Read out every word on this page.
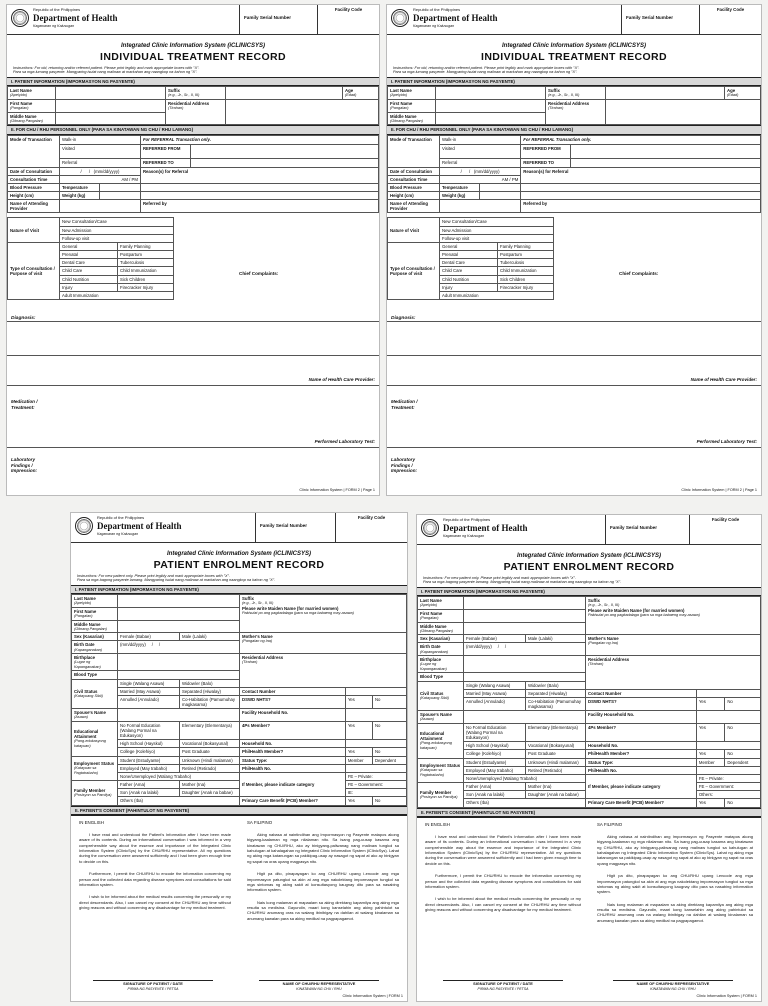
Republic of the Philippines
Department of Health
Kagawaran ng Kalusugan
Family Serial Number
Facility Code
Integrated Clinic Information System (iCLINICSYS)
INDIVIDUAL TREATMENT RECORD
Instructions: For old, returning and/or referred patient. Please print legibly and mark appropriate boxes with "X".
Para sa mga lumang pasyente. Mangyaring isulat nang malinaw at markahan ang naangkop na kahon ng "X".
I. PATIENT INFORMATION (IMPORMASYON NG PASYENTE)
Last Name
(Apelyido)		Suffix
(e.g., Jr., Sr., II, III)		Age
(Edad)

First Name
(Pangalan)		Residential Address
(Tirahan)		

Middle Name
(Gitnang Pangalan)				

II. FOR CHU / RHU PERSONNEL ONLY (PARA SA KINATAWAN NG CHU / RHU LAMANG)
Mode of Transaction	Walk-in		For REFERRAL Transaction only.	
	Visited		REFERRED FROM	
	Referral		REFERRED TO	
Date of Consultation	/      /   (mm/dd/yyyy)		Reason(s) for Referral	
Consultation Time	AM / PM			
Blood Pressure	Temperature			
Height (cm)	Weight (kg)			
Name of Attending Provider			Referred by	
Nature of Visit	New Consultation/Case		
	New Admission		
	Follow-up visit		
Type of Consultation / Purpose of visit	General	Family Planning	
	Prenatal	Postpartum	
	Dental Care	Tuberculosis	
	Child Care	Child Immunization	
	Child Nutrition	Sick Children	
	Injury	Firecracker Injury	
	Adult Immunization		
Chief Complaints:
Diagnosis:
Name of Health Care Provider:
Medication / Treatment:
Performed Laboratory Test:
Laboratory Findings / Impression:
Clinic Information System | FORM 2 | Page 1
Republic of the Philippines
Department of Health
Kagawaran ng Kalusugan
Family Serial Number
Facility Code
Integrated Clinic Information System (iCLINICSYS)
INDIVIDUAL TREATMENT RECORD
Instructions: For old, returning and/or referred patient. Please print legibly and mark appropriate boxes with "X".
Para sa mga lumang pasyente. Mangyaring isulat nang malinaw at markahan ang naangkop na kahon ng "X".
I. PATIENT INFORMATION (IMPORMASYON NG PASYENTE)
Last Name
(Apelyido)		Suffix
(e.g., Jr., Sr., II, III)		Age
(Edad)

First Name
(Pangalan)		Residential Address
(Tirahan)		

Middle Name
(Gitnang Pangalan)				

II. FOR CHU / RHU PERSONNEL ONLY (PARA SA KINATAWAN NG CHU / RHU LAMANG)
Mode of Transaction	Walk-in		For REFERRAL Transaction only.	
	Visited		REFERRED FROM	
	Referral		REFERRED TO	
Date of Consultation	/      /   (mm/dd/yyyy)		Reason(s) for Referral	
Consultation Time	AM / PM			
Blood Pressure	Temperature			
Height (cm)	Weight (kg)			
Name of Attending Provider			Referred by	
Nature of Visit	New Consultation/Case		
	New Admission		
	Follow-up visit		
Type of Consultation / Purpose of visit	General	Family Planning	
	Prenatal	Postpartum	
	Dental Care	Tuberculosis	
	Child Care	Child Immunization	
	Child Nutrition	Sick Children	
	Injury	Firecracker Injury	
	Adult Immunization		
Chief Complaints:
Diagnosis:
Name of Health Care Provider:
Medication / Treatment:
Performed Laboratory Test:
Laboratory Findings / Impression:
Clinic Information System | FORM 2 | Page 1
Republic of the Philippines
Department of Health
Kagawaran ng Kalusugan
Family Serial Number
Facility Code
Integrated Clinic Information System (iCLINICSYS)
PATIENT ENROLMENT RECORD
Instructions: For new patient only. Please print legibly and mark appropriate boxes with "X".
Para sa mga bagong pasyente lamang. Mangyaring isulat nang malinaw at markahan ang naangkop na kahon ng "X".
I. PATIENT INFORMATION (IMPORMASYON NG PASYENTE)
Last Name
(Apelyido)			Suffix
(e.g., Jr., Sr., II, III)
Please write Maiden Name (for married women)
Pakisulat po ang pagkadalaga (para sa mga babaeng may-asawa)		

First Name
(Pangalan)					

Middle Name
(Gitnang Pangalan)					

Sex (Kasarian)	Female (Babae)	Male (Lalaki)	Mother's Name
(Pangalan ng Ina)		

Birth Date
(Kapanganakan)	(mm/dd/yyyy)     /     /				
Birthplace
(Lugar ng Kapanganakan)			Residential Address
(Tirahan)		

Blood Type					
Civil Status
(Katayuang Sibil)	Single (Walang Asawa)	Widow/er (Balo)			
	Married (May Asawa)	Separated (Hiwalay)	Contact Number		
	Annulled (Annulado)	Co-Habitation (Pamumuhay magkasama)	DSWD NHTS?	Yes	No
Spouse's Name
(Asawa)			Facility Household No.		
Educational Attainment
(Pang-edukasyong katayuan)	No Formal Education (Walang Pormal na Edukasyon)	Elementary (Elementarya)	4Ps Member?	Yes	No
	High School (Hayskul)	Vocational (Bokasyunal)	Household No.		
	College (Kolehiyo)	Post Graduate	PhilHealth Member?	Yes	No
Employment Status
(Katayuan sa Pagtatrabaho)	Student (Estudyante)	Unknown (Hindi malaman)	Status Type:	Member	Dependent
	Employed (May trabaho)	Retired (Retirado)	PhilHealth No.		
	None/Unemployed (Walang Trabaho)		If Member, please indicate category	FE – Private:	
Family Member
(Posisyon sa Pamilya)	Father (Ama)	Mother (Ina)		FE – Government:	
	Son (Anak na lalaki)	Daughter (Anak na babae)		IE:	
	Others (Iba)		Primary Care Benefit (PCB) Member?	Yes	No
II. PATIENT'S CONSENT (PAHINTULOT NG PASYENTE)
IN ENGLISH

I have read and understood the Patient's Information after I have been made aware of its contents. During an informational conversation I was informed in a very comprehensible way about the essence and importance of the Integrated Clinic Information System (iClinicSys) by the CHU/RHU representative. All my questions during the conversation were answered sufficiently and I had been given enough time to decide on this.

Furthermore, I permit the CHU/RHU to encode the information concerning my person and the collected data regarding disease symptoms and consultations for said information system.

I wish to be informed about the medical results concerning the personally or my direct descendants. Also, I can cancel my consent at the CHU/RHU any time without giving reasons and without concerning any disadvantage for my medical treatment.

SA FILIPINO

Aking nabasa at naintindihan ang Impormasyon ng Pasyente matapos akong bigyang-kaalaman ng mga nilalaman nito. Sa isang pag-uusap kasama ang kinatawan ng CHU/RHU, ako ay binigyang-paliwanag nang malinaw tungkol sa kahulugan at kahalagahan ng Integrated Clinic Information System (iClinicSys). Lahat ng aking mga katanungan sa pakikipag-usap ay nasagot ng sapat at ako ay binigyan ng sapat na oras upang magpasya nito.

Higit pa dito, pinapayagan ko ang CHU/RHU upang i-encode ang mga impormasyon patungkol sa akin at ang mga nakolektang impormasyon tungkol sa mga sintomas ng aking sakit at konsultasyong kaugnay dito para sa nasabing information system.

Nais kong malaman at mapaalam sa aking direktang kapamilya ang aking mga resulta sa medisina. Gayundin, maari kong kanselahin ang aking pahintulot sa CHU/RHU anumang oras na walang ibinibigay na dahilan at walang kinalaman sa anumang kawalan para sa aking medikal na pagpapagamot.

SIGNATURE OF PATIENT / DATE
PIRMA NG PASYENTE / PETSA
NAME OF CHU/RHU REPRESENTATIVE
KINATAWAN NG CHU / RHU
Clinic Information System | FORM 1
Republic of the Philippines
Department of Health
Kagawaran ng Kalusugan
Family Serial Number
Facility Code
Integrated Clinic Information System (iCLINICSYS)
PATIENT ENROLMENT RECORD
Instructions: For new patient only. Please print legibly and mark appropriate boxes with "X".
Para sa mga bagong pasyente lamang. Mangyaring isulat nang malinaw at markahan ang naangkop na kahon ng "X".
I. PATIENT INFORMATION (IMPORMASYON NG PASYENTE)
Last Name
(Apelyido)			Suffix
(e.g., Jr., Sr., II, III)
Please write Maiden Name (for married women)
Pakisulat po ang pagkadalaga (para sa mga babaeng may-asawa)		

First Name
(Pangalan)					

Middle Name
(Gitnang Pangalan)					

Sex (Kasarian)	Female (Babae)	Male (Lalaki)	Mother's Name
(Pangalan ng Ina)		

Birth Date
(Kapanganakan)	(mm/dd/yyyy)     /     /				
Birthplace
(Lugar ng Kapanganakan)			Residential Address
(Tirahan)		

Blood Type					
Civil Status
(Katayuang Sibil)	Single (Walang Asawa)	Widow/er (Balo)			
	Married (May Asawa)	Separated (Hiwalay)	Contact Number		
	Annulled (Annulado)	Co-Habitation (Pamumuhay magkasama)	DSWD NHTS?	Yes	No
Spouse's Name
(Asawa)			Facility Household No.		
Educational Attainment
(Pang-edukasyong katayuan)	No Formal Education (Walang Pormal na Edukasyon)	Elementary (Elementarya)	4Ps Member?	Yes	No
	High School (Hayskul)	Vocational (Bokasyunal)	Household No.		
	College (Kolehiyo)	Post Graduate	PhilHealth Member?	Yes	No
Employment Status
(Katayuan sa Pagtatrabaho)	Student (Estudyante)	Unknown (Hindi malaman)	Status Type:	Member	Dependent
	Employed (May trabaho)	Retired (Retirado)	PhilHealth No.		
	None/Unemployed (Walang Trabaho)		If Member, please indicate category	FE – Private:	
Family Member
(Posisyon sa Pamilya)	Father (Ama)	Mother (Ina)		FE – Government:	
	Son (Anak na lalaki)	Daughter (Anak na babae)		Others:	
	Others (Iba)		Primary Care Benefit (PCB) Member?	Yes	No
II. PATIENT'S CONSENT (PAHINTULOT NG PASYENTE)
IN ENGLISH

I have read and understood the Patient's Information after I have been made aware of its contents. During an informational conversation I was informed in a very comprehensible way about the essence and importance of the Integrated Clinic Information System (iClinicSys) by the CHU/RHU representative. All my questions during the conversation were answered sufficiently and I had been given enough time to decide on this.

Furthermore, I permit the CHU/RHU to encode the information concerning my person and the collected data regarding disease symptoms and consultations for said information system.

I wish to be informed about the medical results concerning the personally or my direct descendants. Also, I can cancel my consent at the CHU/RHU any time without giving reasons and without concerning any disadvantage for my medical treatment.

SA FILIPINO

Aking nabasa at naintindihan ang Impormasyon ng Pasyente matapos akong bigyang-kaalaman ng mga nilalaman nito. Sa isang pag-uusap kasama ang kinatawan ng CHU/RHU, ako ay binigyang-paliwanag nang malinaw tungkol sa kahulugan at kahalagahan ng Integrated Clinic Information System (iClinicSys). Lahat ng aking mga katanungan sa pakikipag-usap ay nasagot ng sapat at ako ay binigyan ng sapat na oras upang magpasya nito.

Higit pa dito, pinapayagan ko ang CHU/RHU upang i-encode ang mga impormasyon patungkol sa akin at ang mga nakolektang impormasyon tungkol sa mga sintomas ng aking sakit at konsultasyong kaugnay dito para sa nasabing information system.

Nais kong malaman at mapaalam sa aking direktang kapamilya ang aking mga resulta sa medisina. Gayundin, maari kong kanselahin ang aking pahintulot sa CHU/RHU anumang oras na walang ibinibigay na dahilan at walang kinalaman sa anumang kawalan para sa aking medikal na pagpapagamot.

SIGNATURE OF PATIENT / DATE
PIRMA NG PASYENTE / PETSA
NAME OF CHU/RHU REPRESENTATIVE
KINATAWAN NG CHU / RHU
Clinic Information System | FORM 1
